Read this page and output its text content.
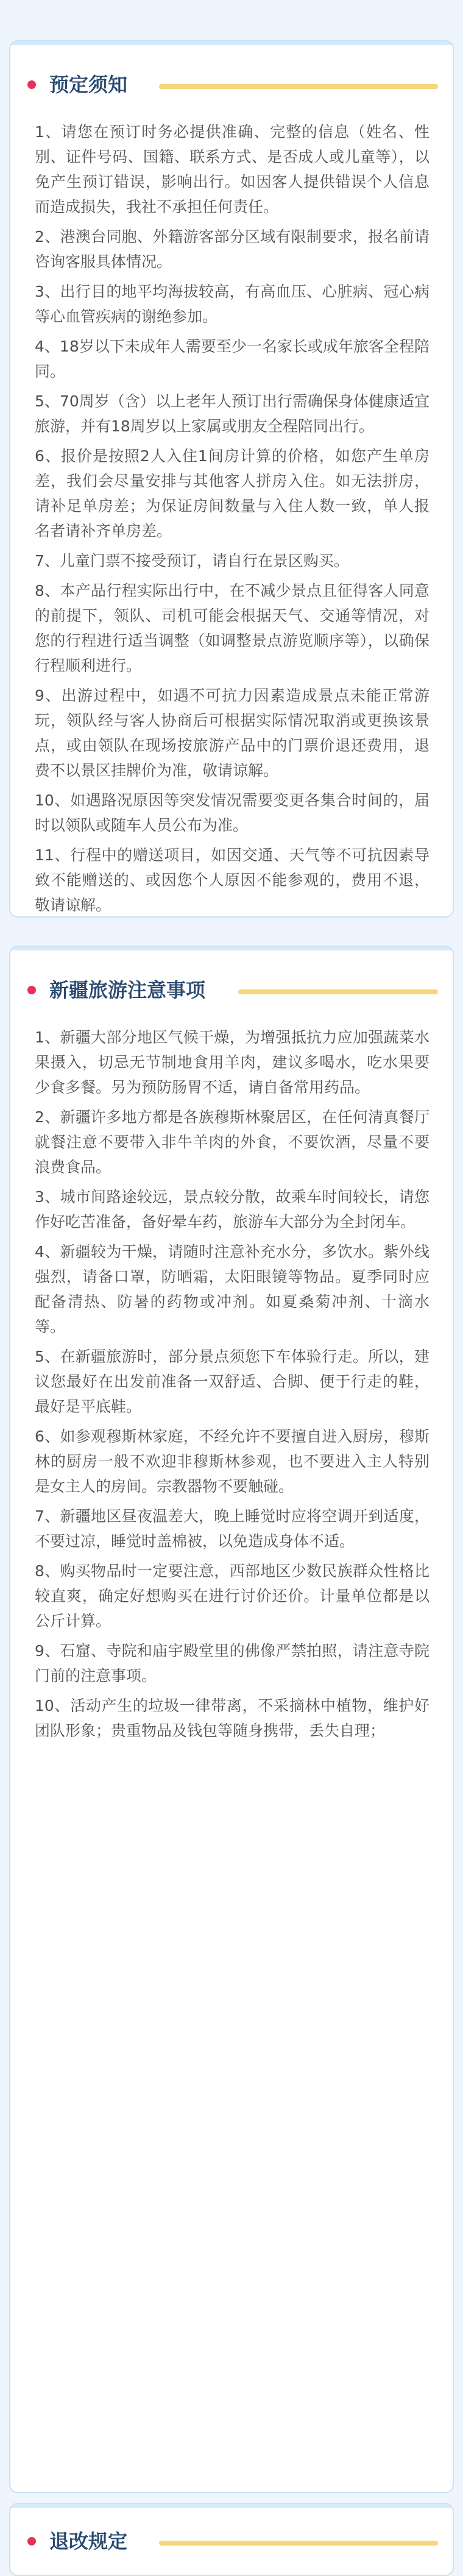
预定须知
1、请您在预订时务必提供准确、完整的信息（姓名、性别、证件号码、国籍、联系方式、是否成人或儿童等），以免产生预订错误，影响出行。如因客人提供错误个人信息而造成损失，我社不承担任何责任。
2、港澳台同胞、外籍游客部分区域有限制要求，报名前请咨询客服具体情况。
3、出行目的地平均海拔较高，有高血压、心脏病、冠心病等心血管疾病的谢绝参加。
4、18岁以下未成年人需要至少一名家长或成年旅客全程陪同。
5、70周岁（含）以上老年人预订出行需确保身体健康适宜旅游，并有18周岁以上家属或朋友全程陪同出行。
6、报价是按照2人入住1间房计算的价格，如您产生单房差，我们会尽量安排与其他客人拼房入住。如无法拼房，请补足单房差；为保证房间数量与入住人数一致，单人报名者请补齐单房差。
7、儿童门票不接受预订，请自行在景区购买。
8、本产品行程实际出行中，在不减少景点且征得客人同意的前提下，领队、司机可能会根据天气、交通等情况，对您的行程进行适当调整（如调整景点游览顺序等），以确保行程顺利进行。
9、出游过程中，如遇不可抗力因素造成景点未能正常游玩，领队经与客人协商后可根据实际情况取消或更换该景点，或由领队在现场按旅游产品中的门票价退还费用，退费不以景区挂牌价为准，敬请谅解。
10、如遇路况原因等突发情况需要变更各集合时间的，届时以领队或随车人员公布为准。
11、行程中的赠送项目，如因交通、天气等不可抗因素导致不能赠送的、或因您个人原因不能参观的，费用不退，敬请谅解。
新疆旅游注意事项
1、新疆大部分地区气候干燥，为增强抵抗力应加强蔬菜水果摄入，切忌无节制地食用羊肉，建议多喝水，吃水果要少食多餐。另为预防肠胃不适，请自备常用药品。
2、新疆许多地方都是各族穆斯林聚居区，在任何清真餐厅就餐注意不要带入非牛羊肉的外食，不要饮酒，尽量不要浪费食品。
3、城市间路途较远，景点较分散，故乘车时间较长，请您作好吃苦准备，备好晕车药，旅游车大部分为全封闭车。
4、新疆较为干燥，请随时注意补充水分，多饮水。紫外线强烈，请备口罩，防晒霜，太阳眼镜等物品。夏季同时应配备清热、防暑的药物或冲剂。如夏桑菊冲剂、十滴水等。
5、在新疆旅游时，部分景点须您下车体验行走。所以，建议您最好在出发前准备一双舒适、合脚、便于行走的鞋，最好是平底鞋。
6、如参观穆斯林家庭，不经允许不要擅自进入厨房，穆斯林的厨房一般不欢迎非穆斯林参观，也不要进入主人特别是女主人的房间。宗教器物不要触碰。
7、新疆地区昼夜温差大，晚上睡觉时应将空调开到适度，不要过凉，睡觉时盖棉被，以免造成身体不适。
8、购买物品时一定要注意，西部地区少数民族群众性格比较直爽，确定好想购买在进行讨价还价。计量单位都是以公斤计算。
9、石窟、寺院和庙宇殿堂里的佛像严禁拍照，请注意寺院门前的注意事项。
10、活动产生的垃圾一律带离，不采摘林中植物，维护好团队形象；贵重物品及钱包等随身携带，丢失自理；
退改规定
